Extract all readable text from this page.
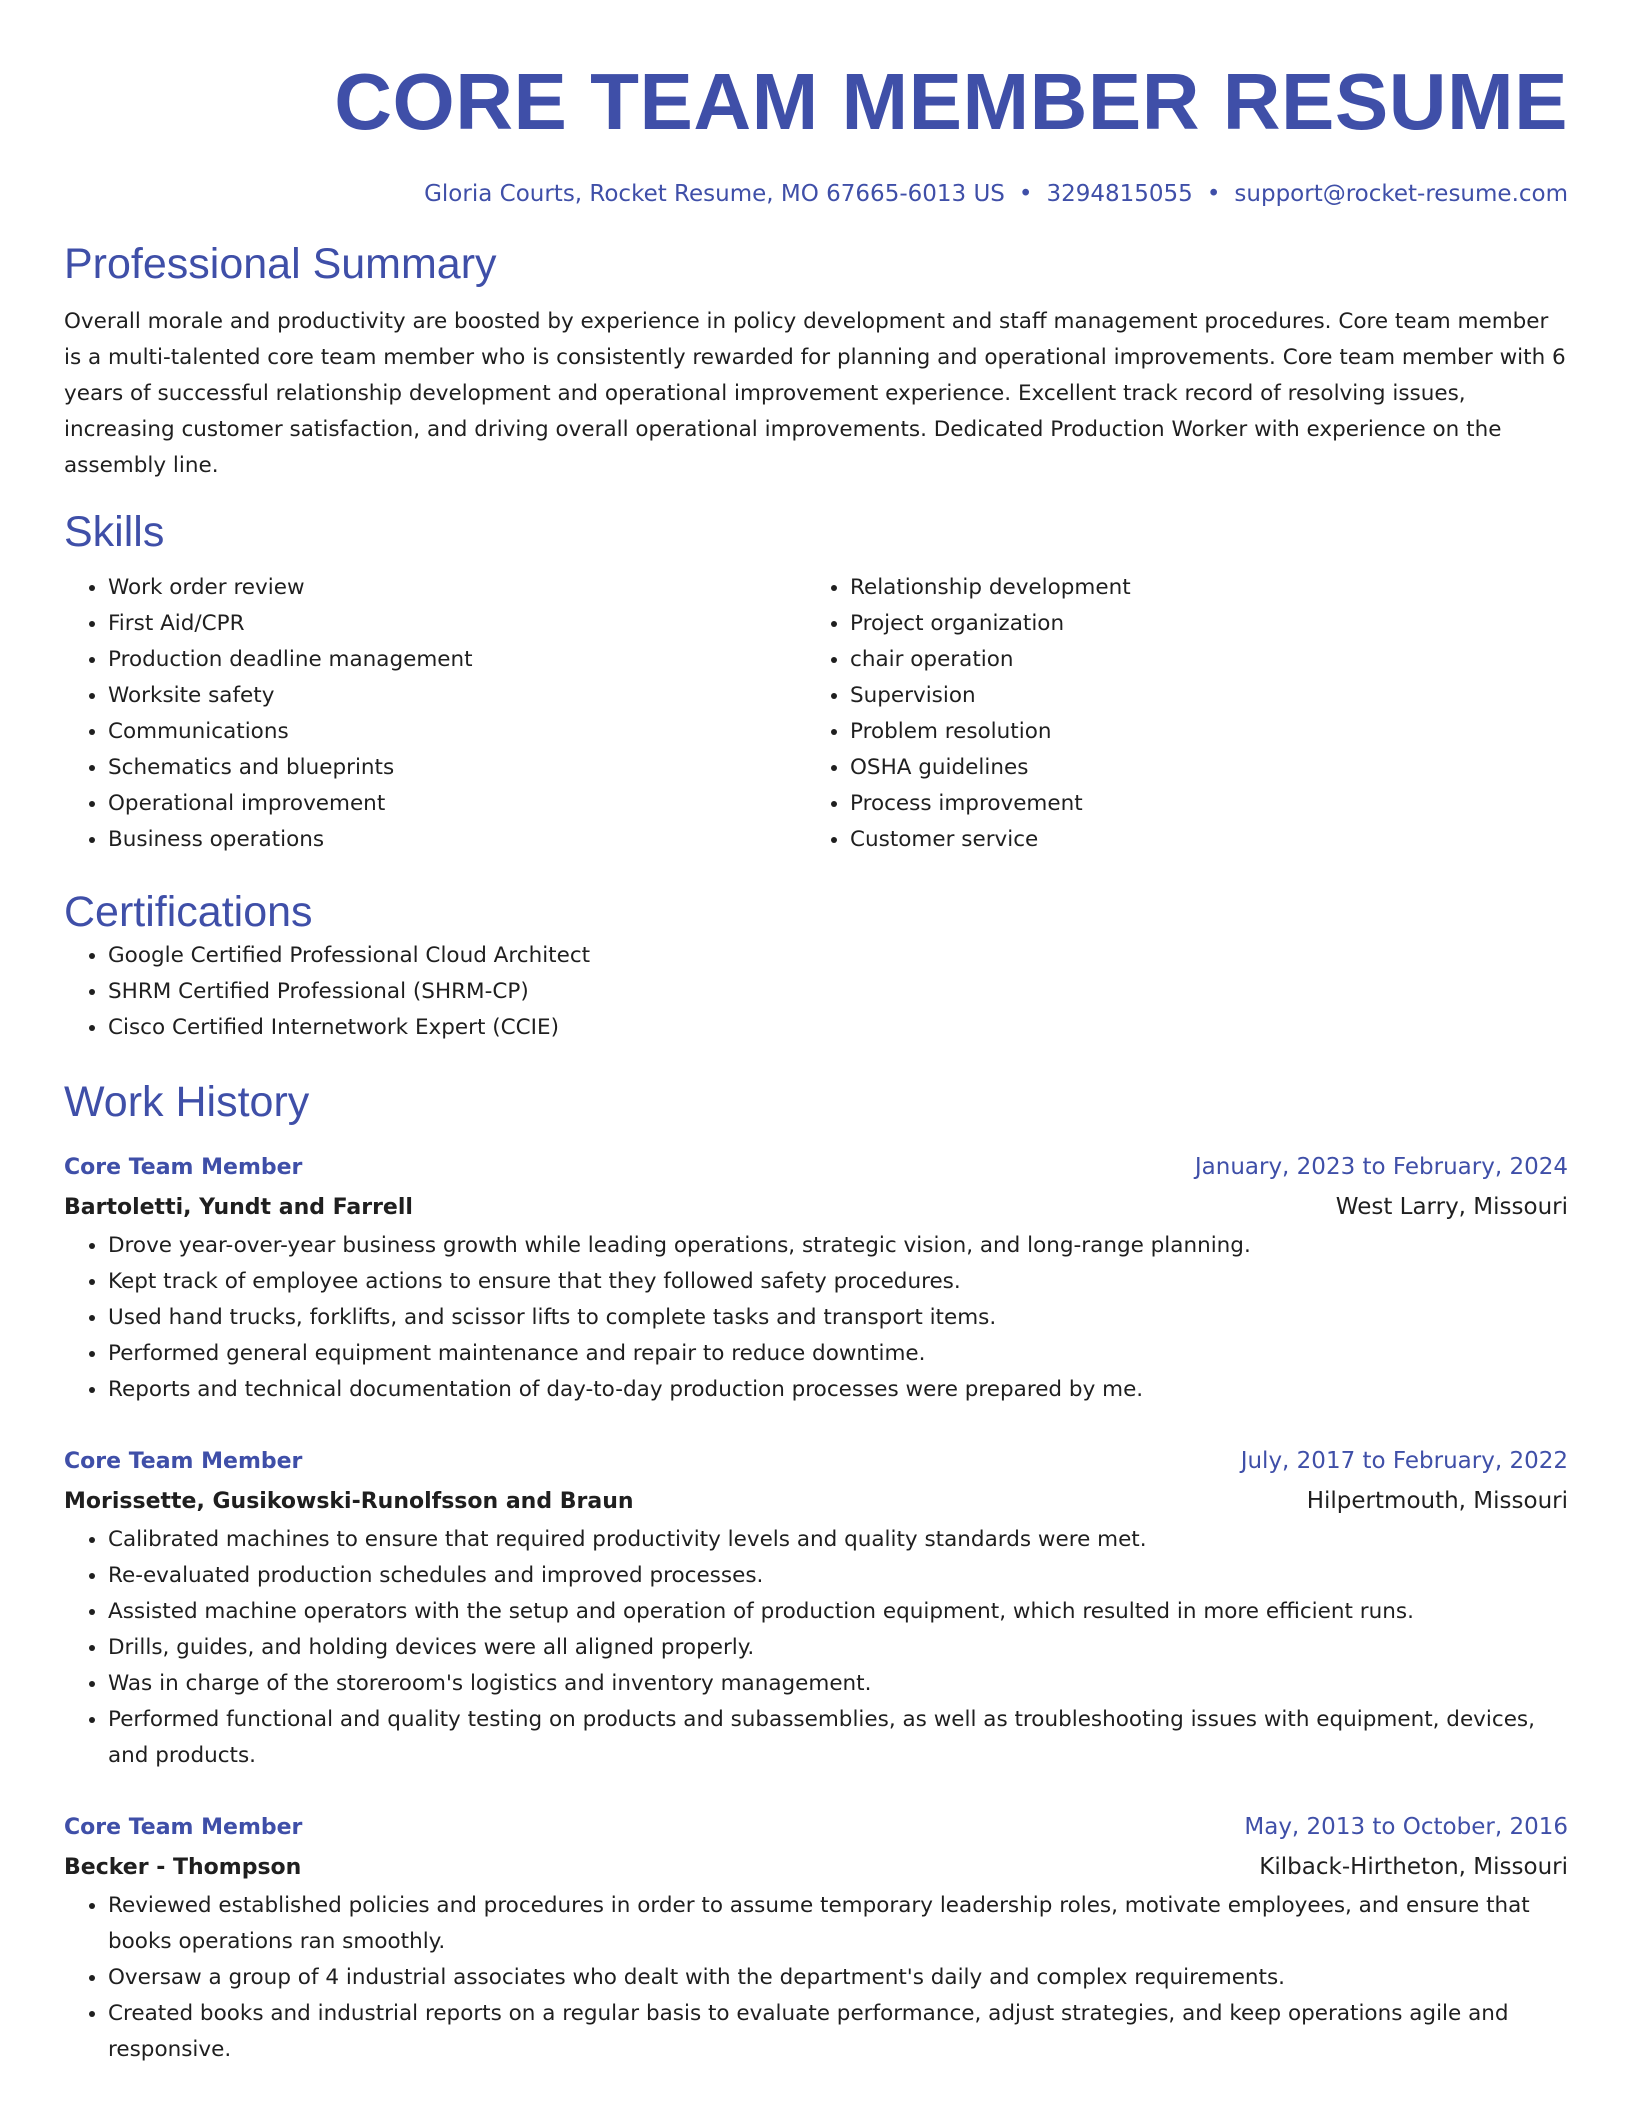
CORE TEAM MEMBER RESUME
Gloria Courts, Rocket Resume, MO 67665-6013 US • 3294815055 • support@rocket-resume.com
Professional Summary
Overall morale and productivity are boosted by experience in policy development and staff management procedures. Core team member is a multi-talented core team member who is consistently rewarded for planning and operational improvements. Core team member with 6 years of successful relationship development and operational improvement experience. Excellent track record of resolving issues, increasing customer satisfaction, and driving overall operational improvements. Dedicated Production Worker with experience on the assembly line.
Skills
• Work order review
• First Aid/CPR
• Production deadline management
• Worksite safety
• Communications
• Schematics and blueprints
• Operational improvement
• Business operations
• Relationship development
• Project organization
• chair operation
• Supervision
• Problem resolution
• OSHA guidelines
• Process improvement
• Customer service
Certifications
• Google Certified Professional Cloud Architect
• SHRM Certified Professional (SHRM-CP)
• Cisco Certified Internetwork Expert (CCIE)
Work History
Core Team Member	January, 2023 to February, 2024
Bartoletti, Yundt and Farrell	West Larry, Missouri
• Drove year-over-year business growth while leading operations, strategic vision, and long-range planning.
• Kept track of employee actions to ensure that they followed safety procedures.
• Used hand trucks, forklifts, and scissor lifts to complete tasks and transport items.
• Performed general equipment maintenance and repair to reduce downtime.
• Reports and technical documentation of day-to-day production processes were prepared by me.
Core Team Member	July, 2017 to February, 2022
Morissette, Gusikowski-Runolfsson and Braun	Hilpertmouth, Missouri
• Calibrated machines to ensure that required productivity levels and quality standards were met.
• Re-evaluated production schedules and improved processes.
• Assisted machine operators with the setup and operation of production equipment, which resulted in more efficient runs.
• Drills, guides, and holding devices were all aligned properly.
• Was in charge of the storeroom's logistics and inventory management.
• Performed functional and quality testing on products and subassemblies, as well as troubleshooting issues with equipment, devices, and products.
Core Team Member	May, 2013 to October, 2016
Becker - Thompson	Kilback-Hirtheton, Missouri
• Reviewed established policies and procedures in order to assume temporary leadership roles, motivate employees, and ensure that books operations ran smoothly.
• Oversaw a group of 4 industrial associates who dealt with the department's daily and complex requirements.
• Created books and industrial reports on a regular basis to evaluate performance, adjust strategies, and keep operations agile and responsive.
